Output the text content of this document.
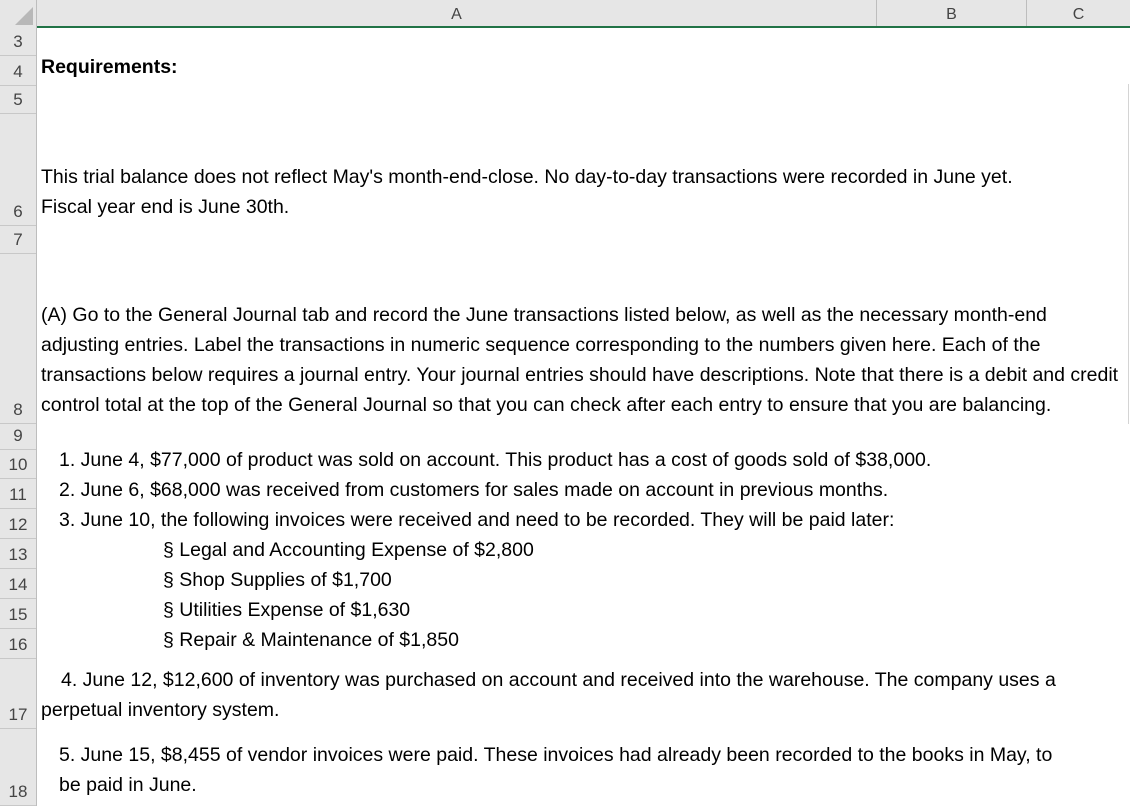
A	B	C
3
4
5
6
7
8
9
10
11
12
13
14
15
16
17
18
Requirements:
This trial balance does not reflect May's month-end-close. No day-to-day transactions were recorded in June yet.
Fiscal year end is June 30th.
(A) Go to the General Journal tab and record the June transactions listed below, as well as the necessary month-end adjusting entries. Label the transactions in numeric sequence corresponding to the numbers given here. Each of the transactions below requires a journal entry. Your journal entries should have descriptions. Note that there is a debit and credit control total at the top of the General Journal so that you can check after each entry to ensure that you are balancing.
1. June 4, $77,000 of product was sold on account. This product has a cost of goods sold of $38,000.
2. June 6, $68,000 was received from customers for sales made on account in previous months.
3. June 10, the following invoices were received and need to be recorded. They will be paid later:
§ Legal and Accounting Expense of $2,800
§ Shop Supplies of $1,700
§ Utilities Expense of $1,630
§ Repair & Maintenance of $1,850
4. June 12, $12,600 of inventory was purchased on account and received into the warehouse. The company uses a
perpetual inventory system.
5. June 15, $8,455 of vendor invoices were paid. These invoices had already been recorded to the books in May, to
be paid in June.
